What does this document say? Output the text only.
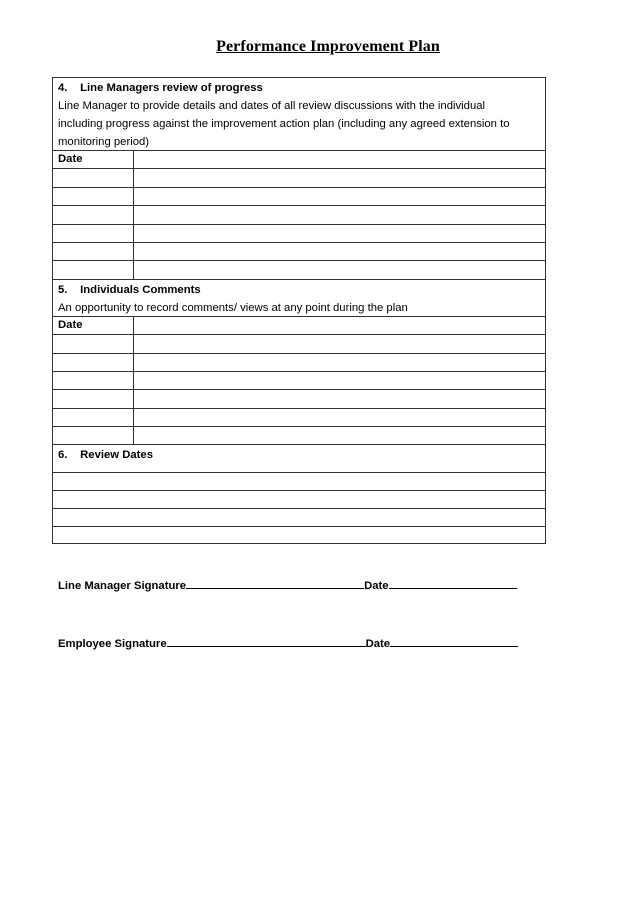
Performance Improvement Plan
4. Line Managers review of progress
Line Manager to provide details and dates of all review discussions with the individual
including progress against the improvement action plan (including any agreed extension to
monitoring period)
Date
5. Individuals Comments
An opportunity to record comments/ views at any point during the plan
Date
6. Review Dates
Line Manager Signature	Date
Employee Signature	Date
